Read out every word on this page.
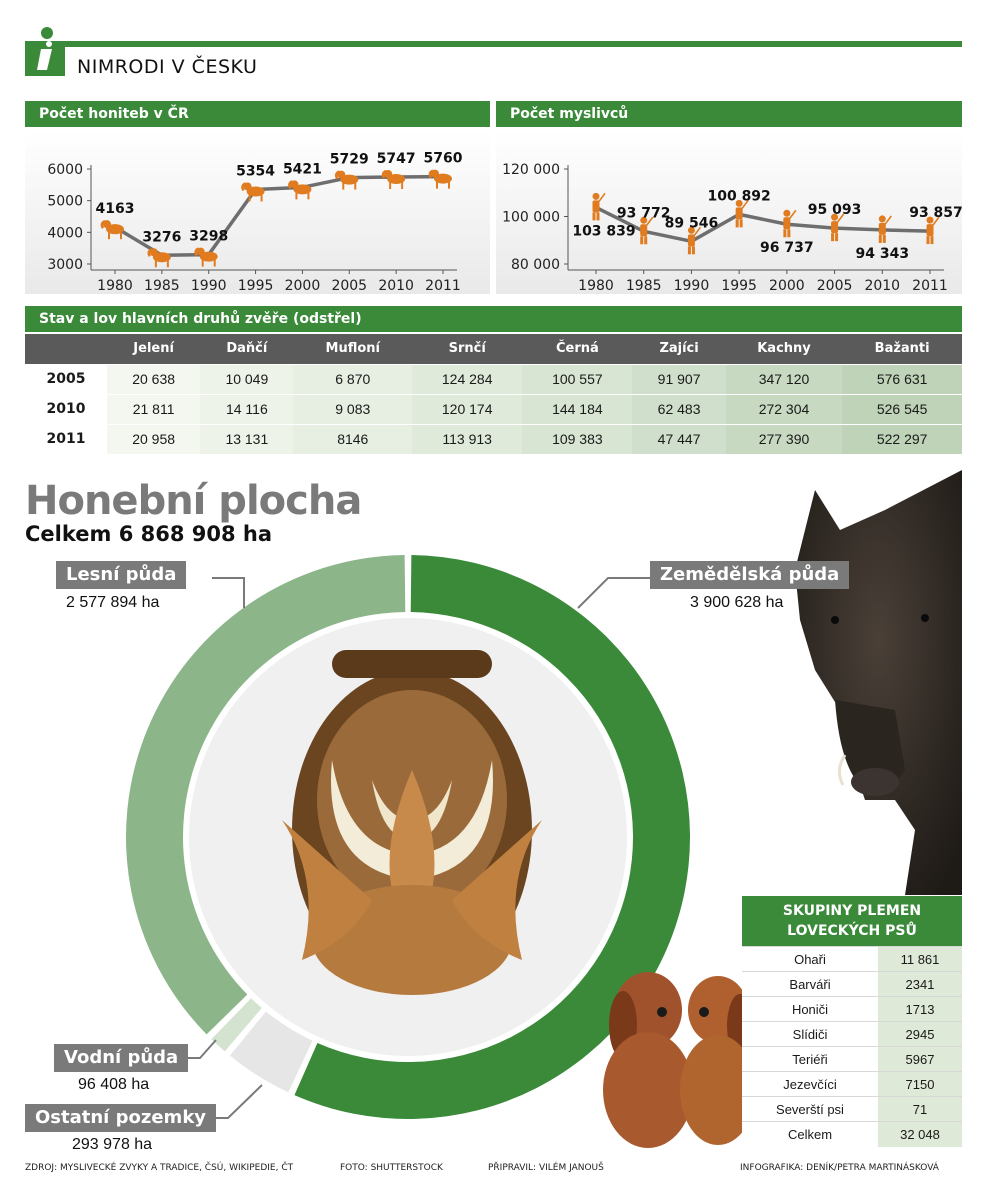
NIMRODI V ČESKU
Počet honiteb v ČR
6000
5000
4000
3000
1980 1985 1990 1995 2000 2005 2010 2011
4163
3276 3298
5354 5421
5729 5747 5760
Počet myslivců
120 000
100 000
80 000
1980 1985 1990 1995 2000 2005 2010 2011
103 839
93 772
89 546
100 892
96 737
95 093
94 343
93 857
Stav a lov hlavních druhů zvěře (odstřel)
	Jelení	Daňčí	Mufloní	Srnčí	Černá	Zajíci	Kachny	Bažanti
2005	20 638	10 049	6 870	124 284	100 557	91 907	347 120	576 631
2010	21 811	14 116	9 083	120 174	144 184	62 483	272 304	526 545
2011	20 958	13 131	8146	113 913	109 383	47 447	277 390	522 297
Honební plocha
Celkem 6 868 908 ha
Lesní půda
2 577 894 ha
Zemědělská půda
3 900 628 ha
Vodní půda
96 408 ha
Ostatní pozemky
293 978 ha
SKUPINY PLEMEN LOVECKÝCH PSŮ
Ohaři	11 861
Barváři	2341
Honiči	1713
Slídiči	2945
Teriéři	5967
Jezevčíci	7150
Severští psi	71
Celkem	32 048
ZDROJ: MYSLIVECKÉ ZVYKY A TRADICE, ČSÚ, WIKIPEDIE, ČT	FOTO: SHUTTERSTOCK	PŘIPRAVIL: VILÉM JANOUŠ	INFOGRAFIKA: DENÍK/PETRA MARTINÁSKOVÁ
